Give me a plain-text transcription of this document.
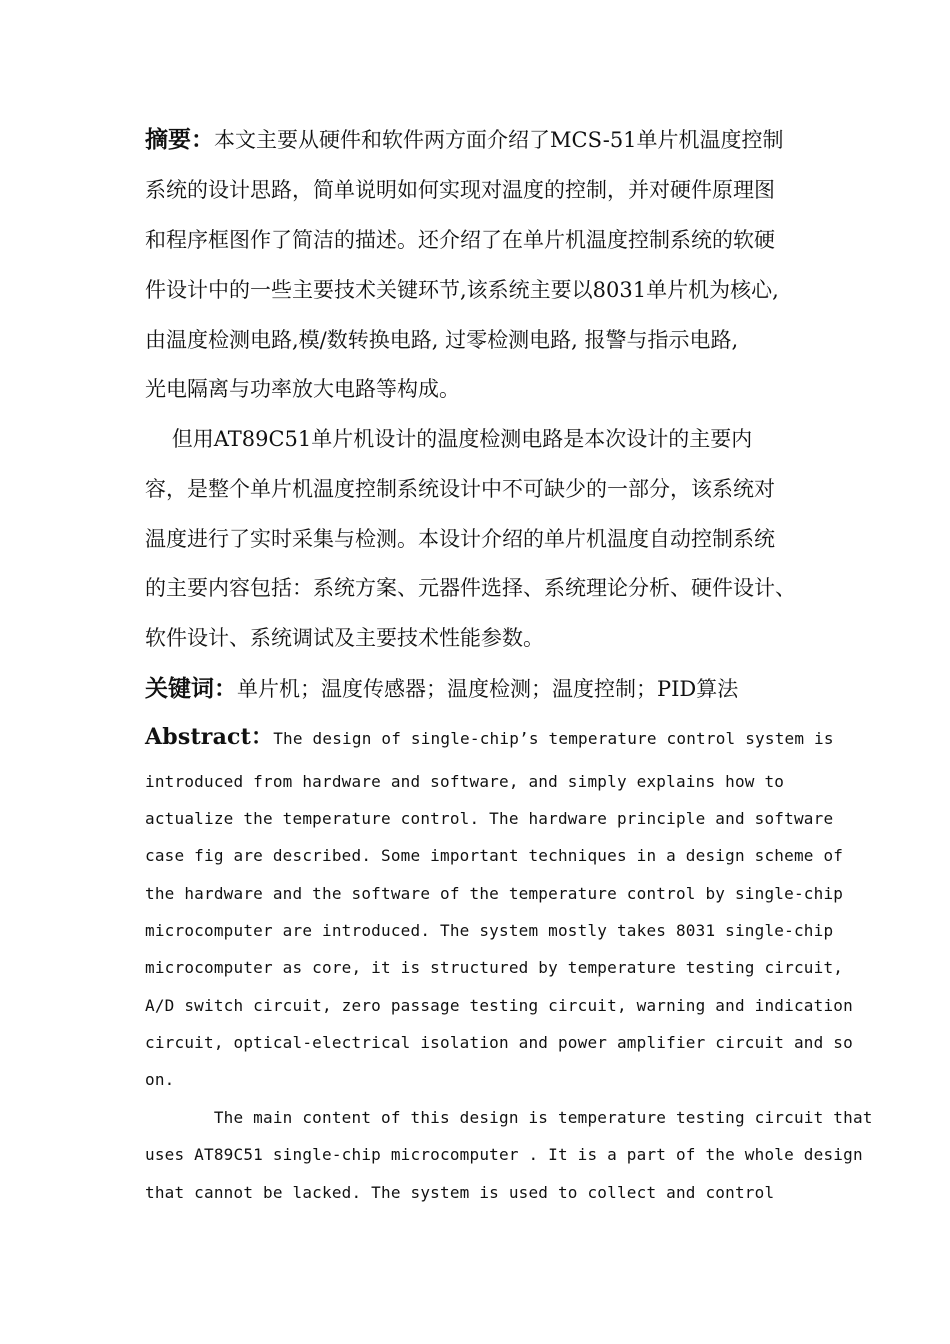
摘要：本文主要从硬件和软件两方面介绍了MCS-51单片机温度控制
系统的设计思路，简单说明如何实现对温度的控制，并对硬件原理图
和程序框图作了简洁的描述。还介绍了在单片机温度控制系统的软硬
件设计中的一些主要技术关键环节,该系统主要以8031单片机为核心,
由温度检测电路,模/数转换电路, 过零检测电路, 报警与指示电路,
光电隔离与功率放大电路等构成。
但用AT89C51单片机设计的温度检测电路是本次设计的主要内
容，是整个单片机温度控制系统设计中不可缺少的一部分，该系统对
温度进行了实时采集与检测。本设计介绍的单片机温度自动控制系统
的主要内容包括：系统方案、元器件选择、系统理论分析、硬件设计、
软件设计、系统调试及主要技术性能参数。
关键词：单片机；温度传感器；温度检测；温度控制；PID算法
Abstract：The design of single-chip’s temperature control system is
introduced from hardware and software, and simply explains how to
actualize the temperature control. The hardware principle and software
case fig are described. Some important techniques in a design scheme of
the hardware and the software of the temperature control by single-chip
microcomputer are introduced. The system mostly takes 8031 single-chip
microcomputer as core, it is structured by temperature testing circuit,
A/D switch circuit, zero passage testing circuit, warning and indication
circuit, optical-electrical isolation and power amplifier circuit and so
on.
The main content of this design is temperature testing circuit that
uses AT89C51 single-chip microcomputer . It is a part of the whole design
that cannot be lacked. The system is used to collect and control
